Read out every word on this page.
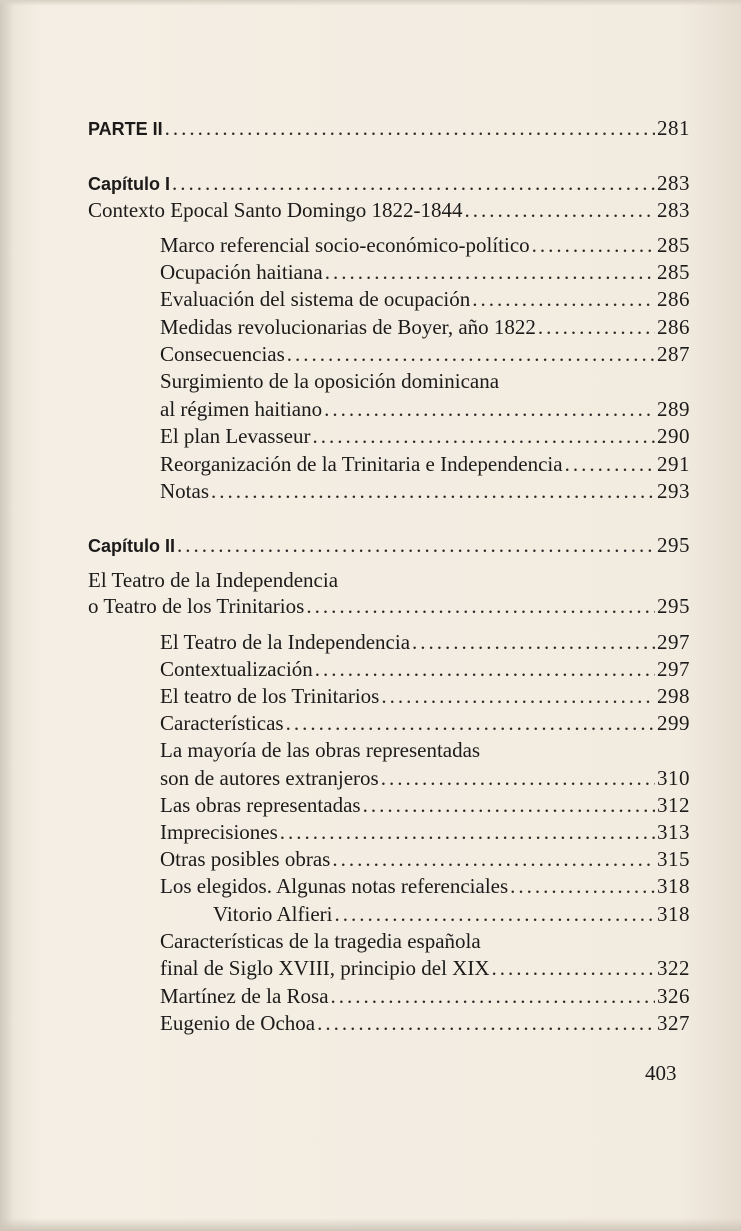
PARTE II .....	281
Capítulo I .....	283
Contexto Epocal Santo Domingo 1822-1844 .....	283
Marco referencial socio-económico-político .....	285
Ocupación haitiana .....	285
Evaluación del sistema de ocupación .....	286
Medidas revolucionarias de Boyer, año 1822 .....	286
Consecuencias .....	287
Surgimiento de la oposición dominicana
al régimen haitiano .....	289
El plan Levasseur .....	290
Reorganización de la Trinitaria e Independencia .....	291
Notas .....	293
Capítulo II .....	295
El Teatro de la Independencia
o Teatro de los Trinitarios .....	295
El Teatro de la Independencia .....	297
Contextualización .....	297
El teatro de los Trinitarios .....	298
Características .....	299
La mayoría de las obras representadas
son de autores extranjeros .....	310
Las obras representadas .....	312
Imprecisiones .....	313
Otras posibles obras .....	315
Los elegidos. Algunas notas referenciales .....	318
Vitorio Alfieri .....	318
Características de la tragedia española
final de Siglo XVIII, principio del XIX .....	322
Martínez de la Rosa .....	326
Eugenio de Ochoa .....	327
403
